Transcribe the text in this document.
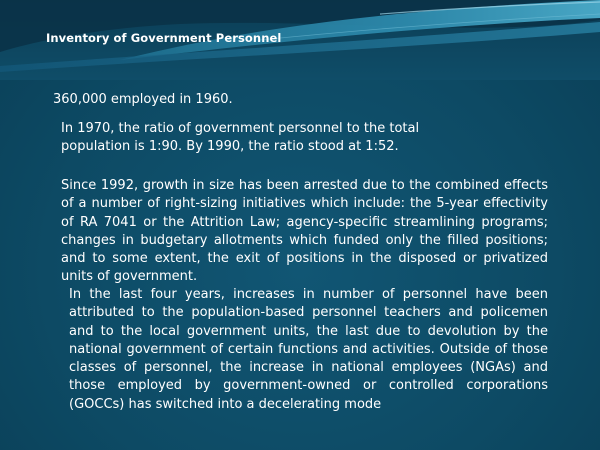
Inventory of Government Personnel
360,000 employed in 1960.
In 1970, the ratio of government personnel to the total population is 1:90. By 1990, the ratio stood at 1:52.
Since 1992, growth in size has been arrested due to the combined effects of a number of right-sizing initiatives which include: the 5-year effectivity of RA 7041 or the Attrition Law; agency-specific streamlining programs; changes in budgetary allotments which funded only the filled positions; and to some extent, the exit of positions in the disposed or privatized units of government.
In the last four years, increases in number of personnel have been attributed to the population-based personnel teachers and policemen and to the local government units, the last due to devolution by the national government of certain functions and activities. Outside of those classes of personnel, the increase in national employees (NGAs) and those employed by government-owned or controlled corporations (GOCCs) has switched into a decelerating mode
